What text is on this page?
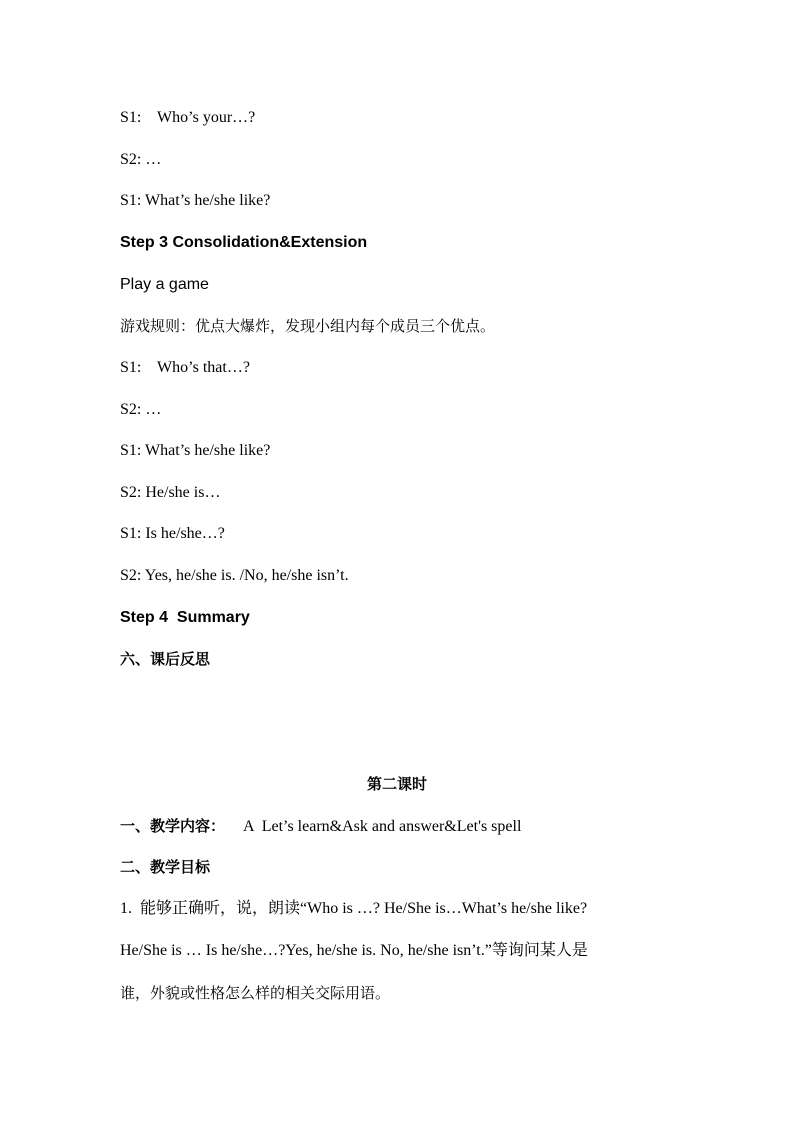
S1:    Who’s your…?
S2: …
S1: What’s he/she like?
Step 3 Consolidation&Extension
Play a game
游戏规则：优点大爆炸，发现小组内每个成员三个优点。
S1:    Who’s that…?
S2: …
S1: What’s he/she like?
S2: He/she is…
S1: Is he/she…?
S2: Yes, he/she is. /No, he/she isn’t.
Step 4  Summary
六、课后反思
第二课时
一、教学内容： A  Let’s learn&Ask and answer&Let's spell
二、教学目标
1.  能够正确听，说，朗读“Who is …? He/She is…What’s he/she like?
He/She is … Is he/she…?Yes, he/she is. No, he/she isn’t.”等询问某人是
谁，外貌或性格怎么样的相关交际用语。
